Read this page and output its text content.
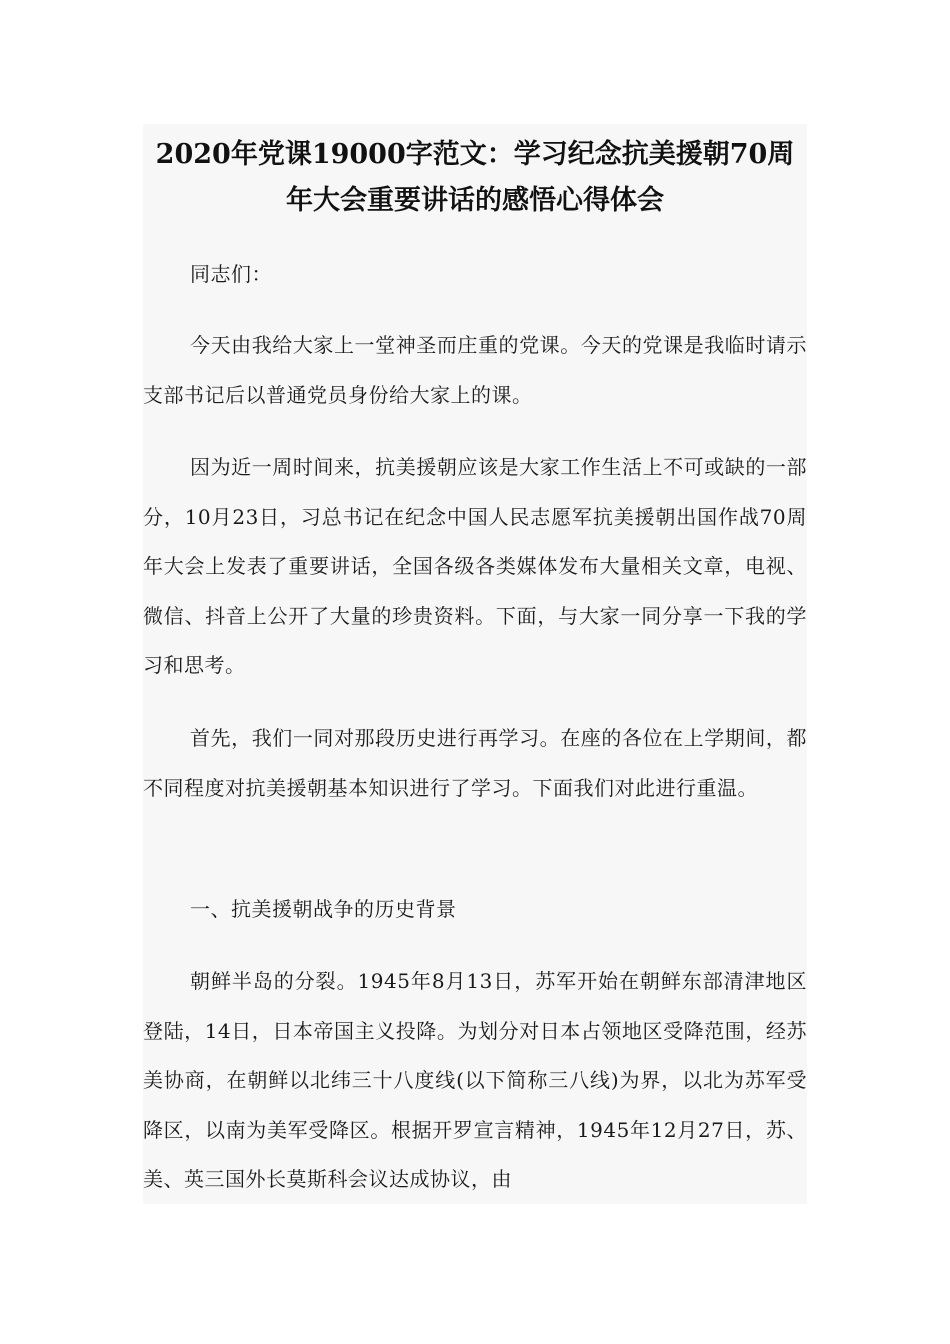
2020年党课19000字范文：学习纪念抗美援朝70周年大会重要讲话的感悟心得体会

同志们：

今天由我给大家上一堂神圣而庄重的党课。今天的党课是我临时请示支部书记后以普通党员身份给大家上的课。

因为近一周时间来，抗美援朝应该是大家工作生活上不可或缺的一部分，10月23日，习总书记在纪念中国人民志愿军抗美援朝出国作战70周年大会上发表了重要讲话，全国各级各类媒体发布大量相关文章，电视、微信、抖音上公开了大量的珍贵资料。下面，与大家一同分享一下我的学习和思考。

首先，我们一同对那段历史进行再学习。在座的各位在上学期间，都不同程度对抗美援朝基本知识进行了学习。下面我们对此进行重温。

一、抗美援朝战争的历史背景

朝鲜半岛的分裂。1945年8月13日，苏军开始在朝鲜东部清津地区登陆，14日，日本帝国主义投降。为划分对日本占领地区受降范围，经苏美协商，在朝鲜以北纬三十八度线(以下简称三八线)为界，以北为苏军受降区，以南为美军受降区。根据开罗宣言精神，1945年12月27日，苏、美、英三国外长莫斯科会议达成协议，由
